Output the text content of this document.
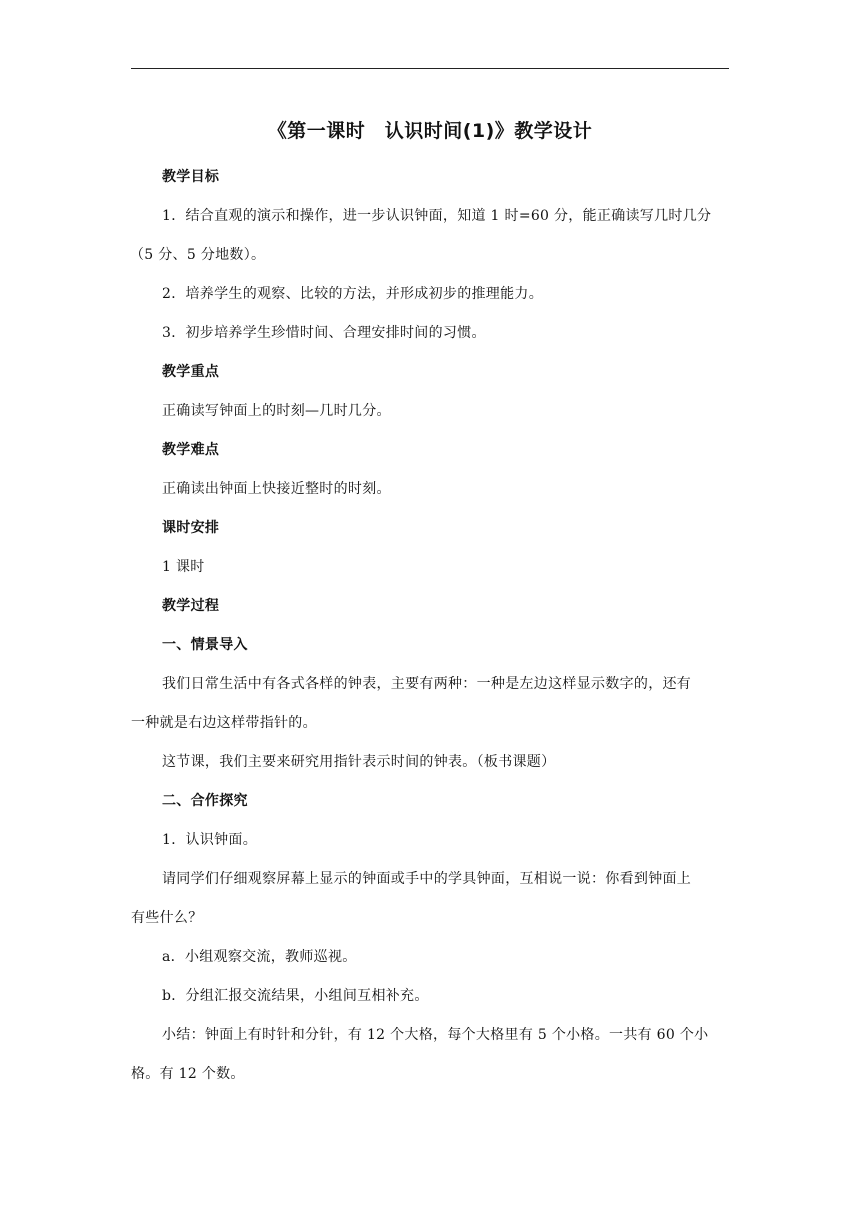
《第一课时　认识时间(1)》教学设计
教学目标
1．结合直观的演示和操作，进一步认识钟面，知道 1 时=60 分，能正确读写几时几分
（5 分、5 分地数）。
2．培养学生的观察、比较的方法，并形成初步的推理能力。
3．初步培养学生珍惜时间、合理安排时间的习惯。
教学重点
正确读写钟面上的时刻—几时几分。
教学难点
正确读出钟面上快接近整时的时刻。
课时安排
1 课时
教学过程
一、情景导入
我们日常生活中有各式各样的钟表，主要有两种：一种是左边这样显示数字的，还有
一种就是右边这样带指针的。
这节课，我们主要来研究用指针表示时间的钟表。（板书课题）
二、合作探究
1．认识钟面。
请同学们仔细观察屏幕上显示的钟面或手中的学具钟面，互相说一说：你看到钟面上
有些什么？
a．小组观察交流，教师巡视。
b．分组汇报交流结果，小组间互相补充。
小结：钟面上有时针和分针，有 12 个大格，每个大格里有 5 个小格。一共有 60 个小
格。有 12 个数。
